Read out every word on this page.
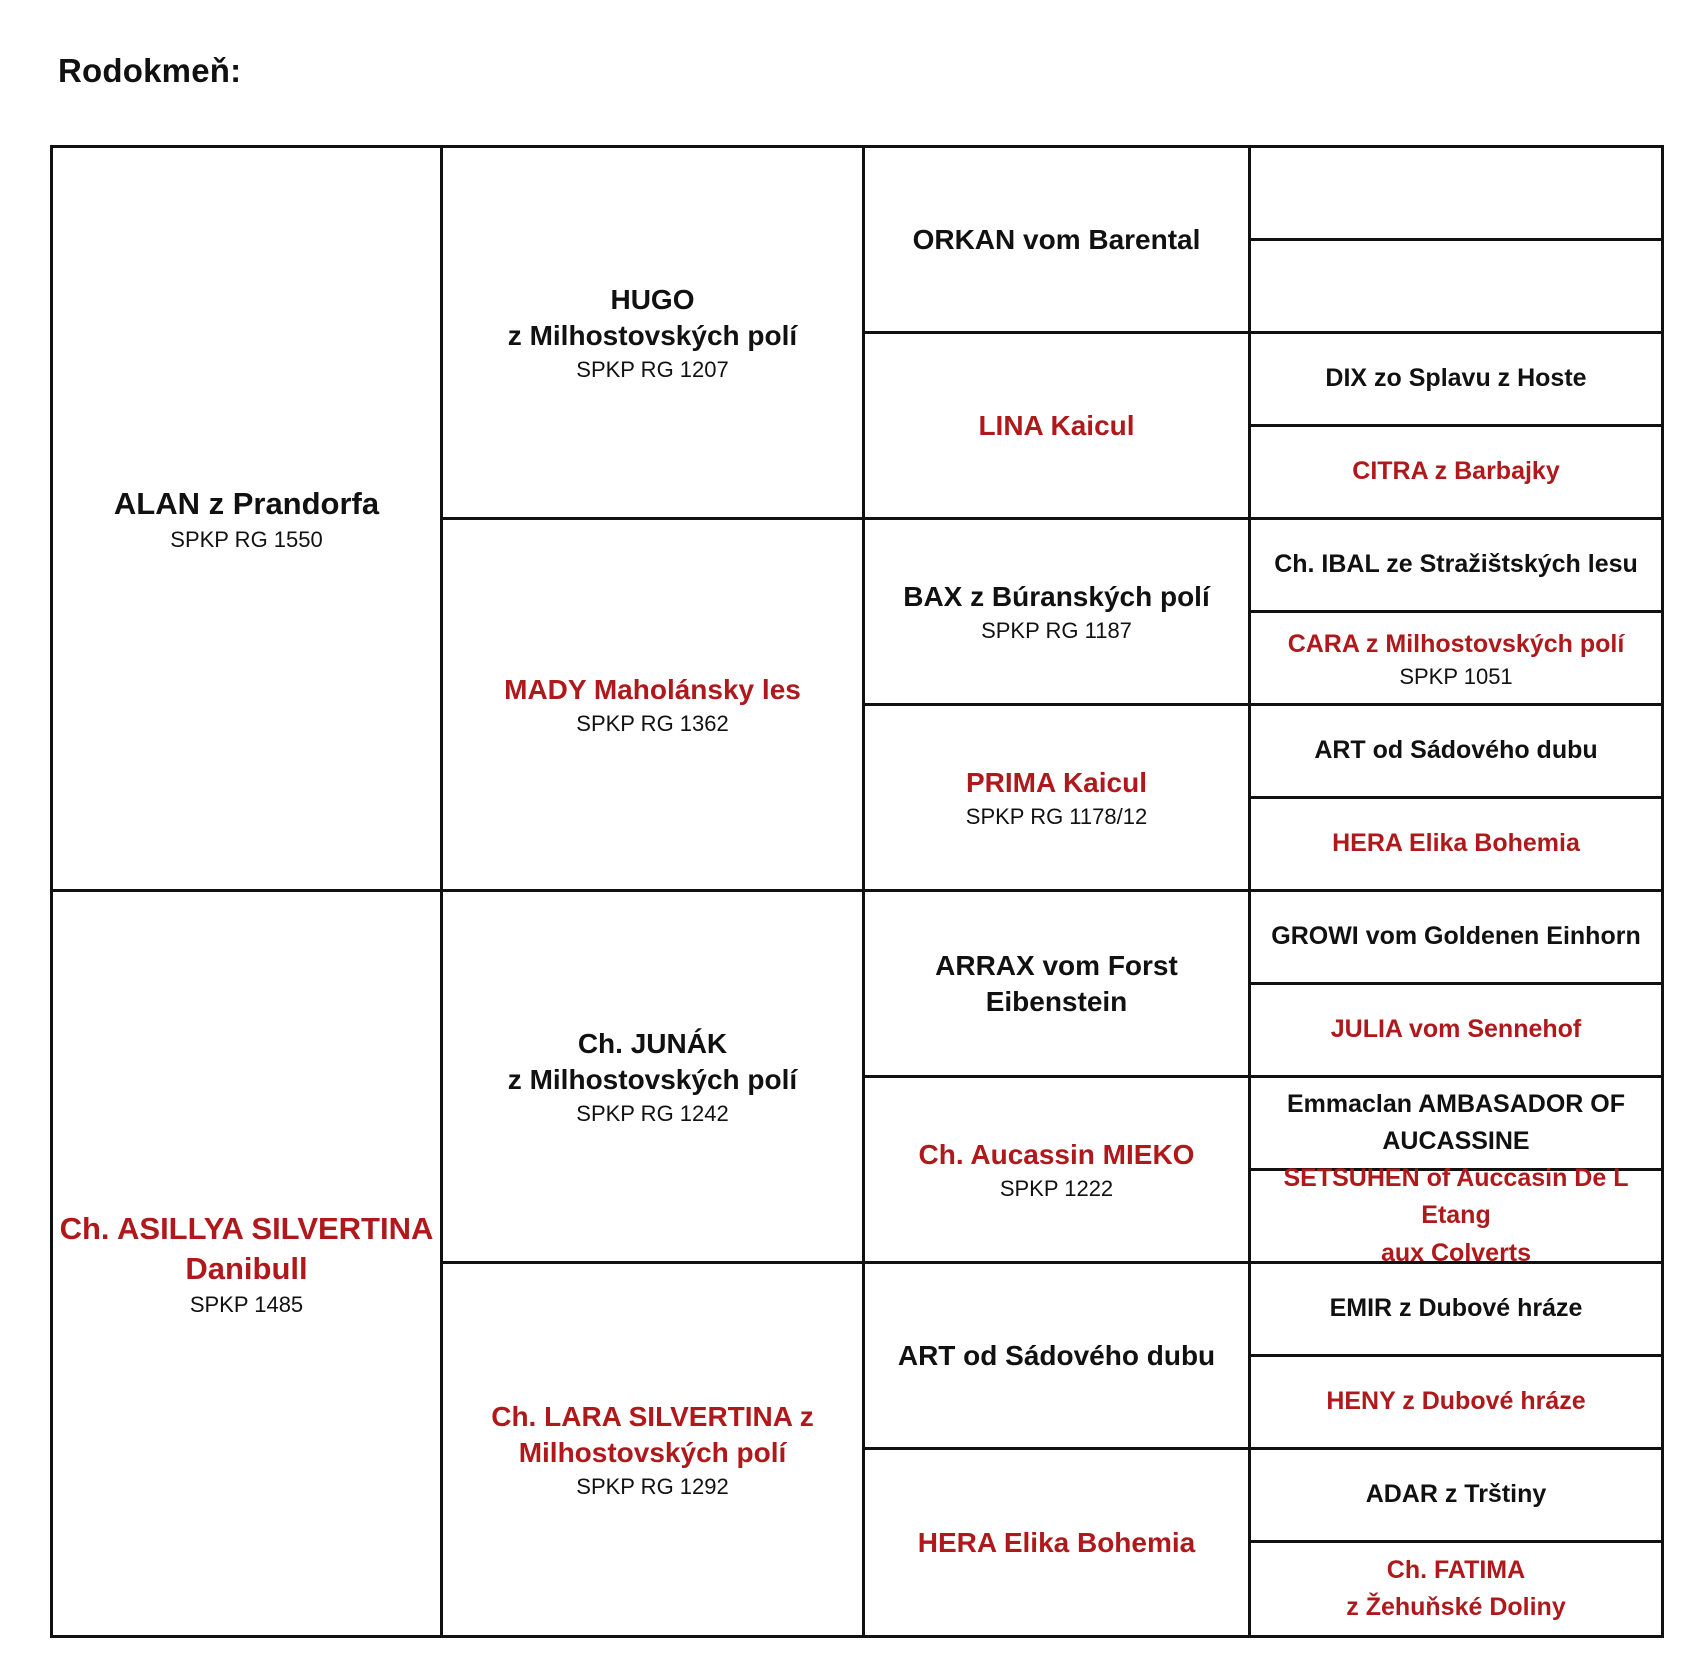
Rodokmeň:
ALAN z Prandorfa
SPKP RG 1550
Ch. ASILLYA SILVERTINA
Danibull
SPKP 1485
HUGO
z Milhostovských polí
SPKP RG 1207
MADY Maholánsky les
SPKP RG 1362
Ch. JUNÁK
z Milhostovských polí
SPKP RG 1242
Ch. LARA SILVERTINA z
Milhostovských polí
SPKP RG 1292
ORKAN vom Barental
LINA Kaicul
BAX z Búranských polí
SPKP RG 1187
PRIMA Kaicul
SPKP RG 1178/12
ARRAX vom Forst
Eibenstein
Ch. Aucassin MIEKO
SPKP 1222
ART od Sádového dubu
HERA Elika Bohemia
DIX zo Splavu z Hoste
CITRA z Barbajky
Ch. IBAL ze Stražištských lesu
CARA z Milhostovských polí
SPKP 1051
ART od Sádového dubu
HERA Elika Bohemia
GROWI vom Goldenen Einhorn
JULIA vom Sennehof
Emmaclan AMBASADOR OF
AUCASSINE
SETSUHEN of Auccasin De L Etang
aux Colverts
EMIR z Dubové hráze
HENY z Dubové hráze
ADAR z Trštiny
Ch. FATIMA
z Žehuňské Doliny
